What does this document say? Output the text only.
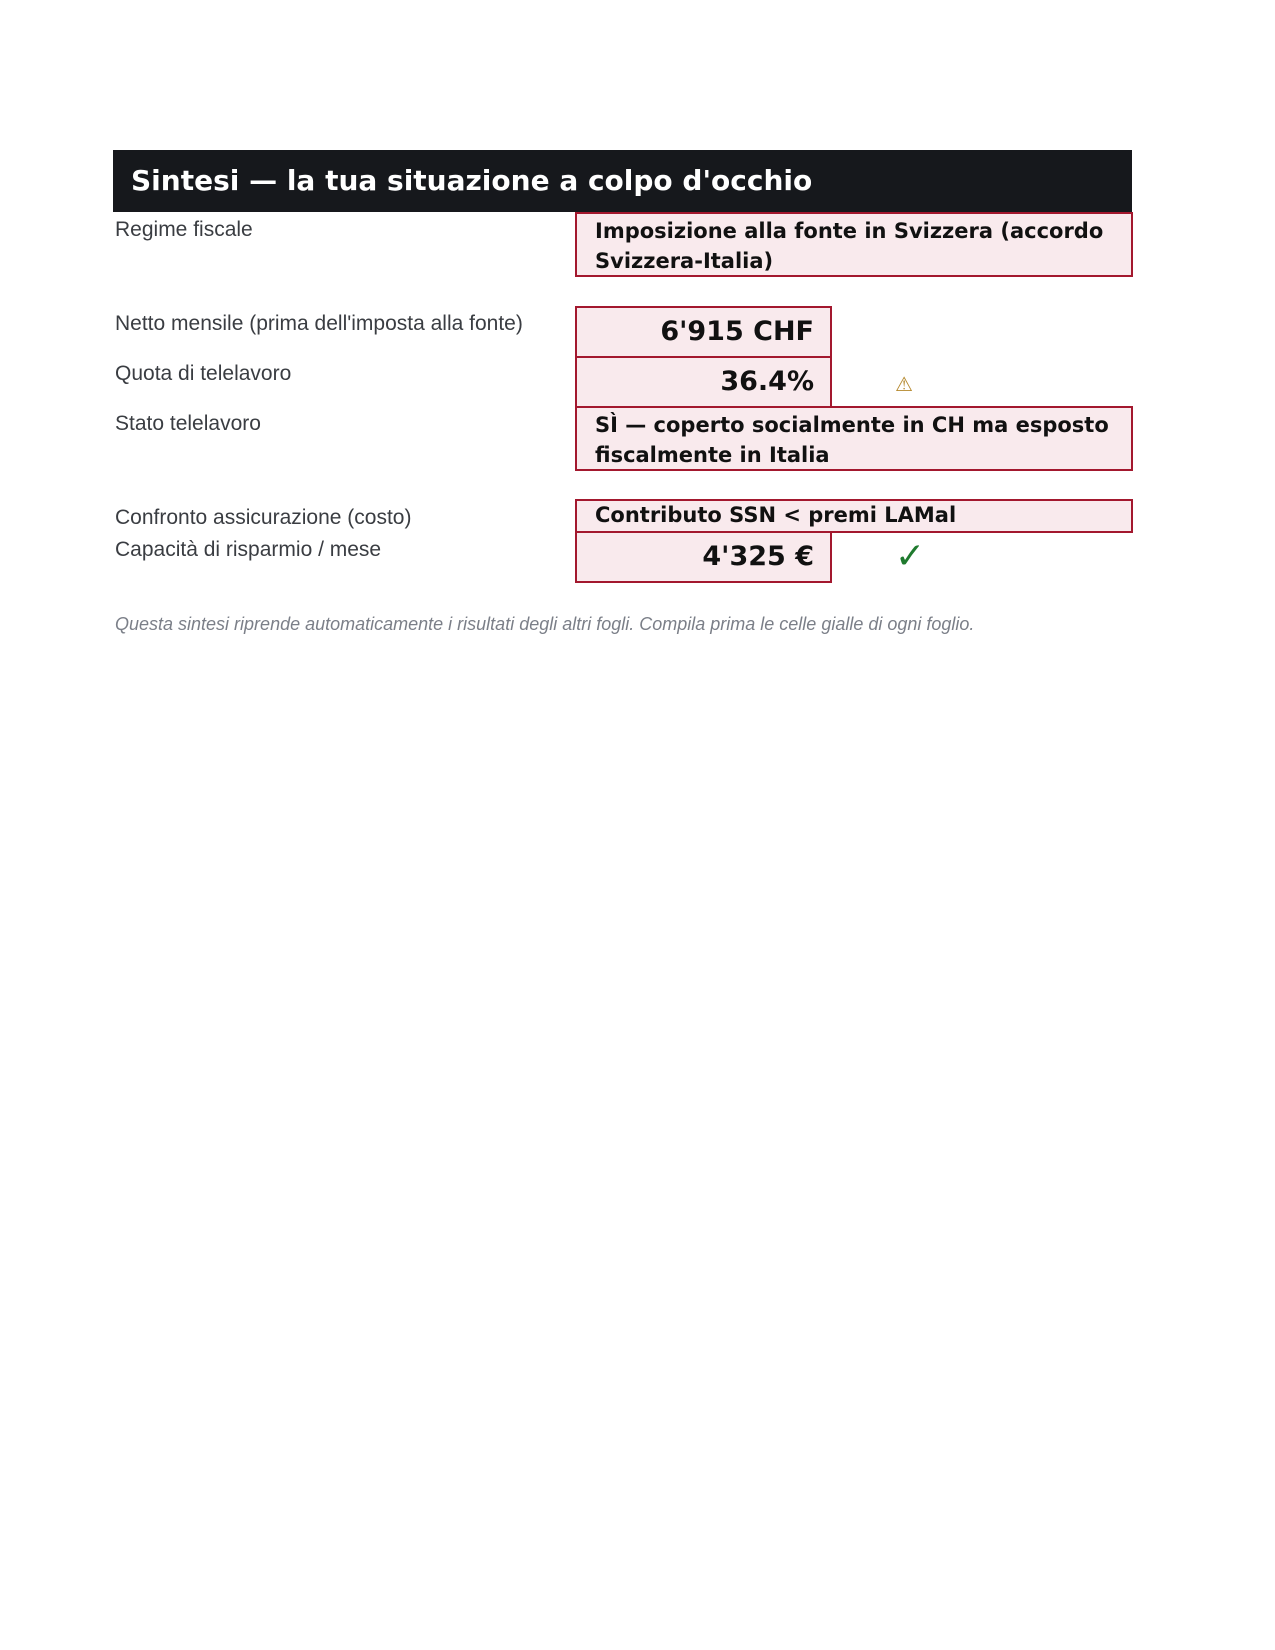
Sintesi — la tua situazione a colpo d'occhio
Regime fiscale	Imposizione alla fonte in Svizzera (accordo Svizzera-Italia)
Netto mensile (prima dell'imposta alla fonte)	6'915 CHF
Quota di telelavoro	36.4%	⚠
Stato telelavoro	SÌ — coperto socialmente in CH ma esposto fiscalmente in Italia
Confronto assicurazione (costo)	Contributo SSN < premi LAMal
Capacità di risparmio / mese	4'325 €	✓
Questa sintesi riprende automaticamente i risultati degli altri fogli. Compila prima le celle gialle di ogni foglio.
